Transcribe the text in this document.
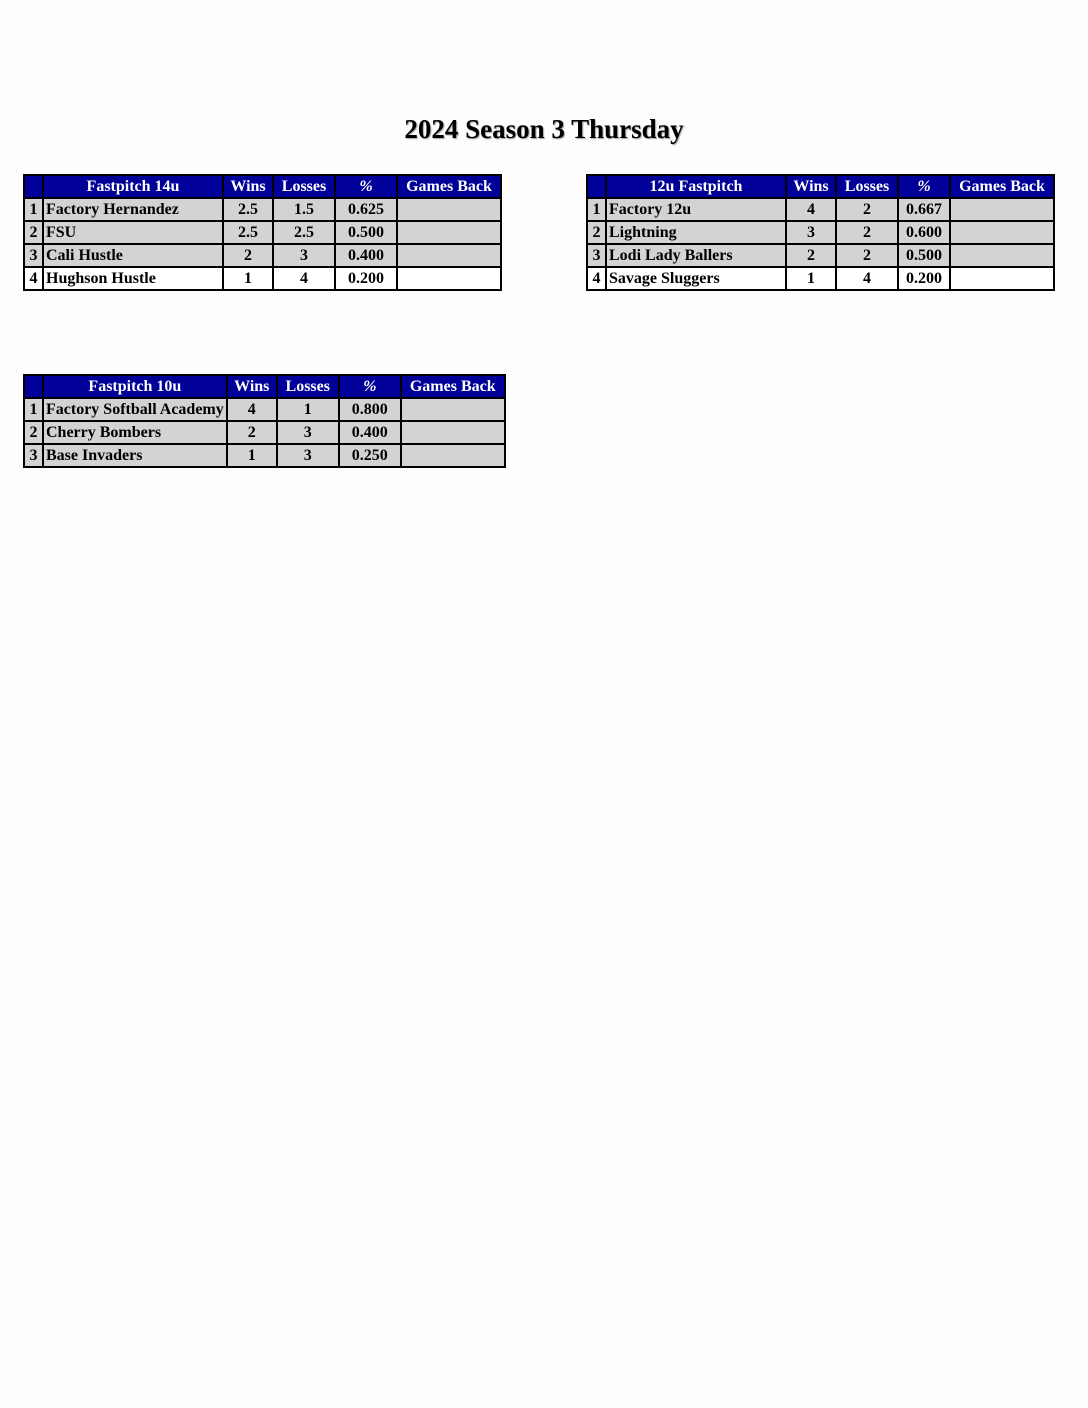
2024 Season 3 Thursday
	Fastpitch 14u	Wins	Losses	%	Games Back
1	Factory Hernandez	2.5	1.5	0.625	
2	FSU	2.5	2.5	0.500	
3	Cali Hustle	2	3	0.400	
4	Hughson Hustle	1	4	0.200	
	12u Fastpitch	Wins	Losses	%	Games Back
1	Factory 12u	4	2	0.667	
2	Lightning	3	2	0.600	
3	Lodi Lady Ballers	2	2	0.500	
4	Savage Sluggers	1	4	0.200	
	Fastpitch 10u	Wins	Losses	%	Games Back
1	Factory Softball Academy	4	1	0.800	
2	Cherry Bombers	2	3	0.400	
3	Base Invaders	1	3	0.250	
